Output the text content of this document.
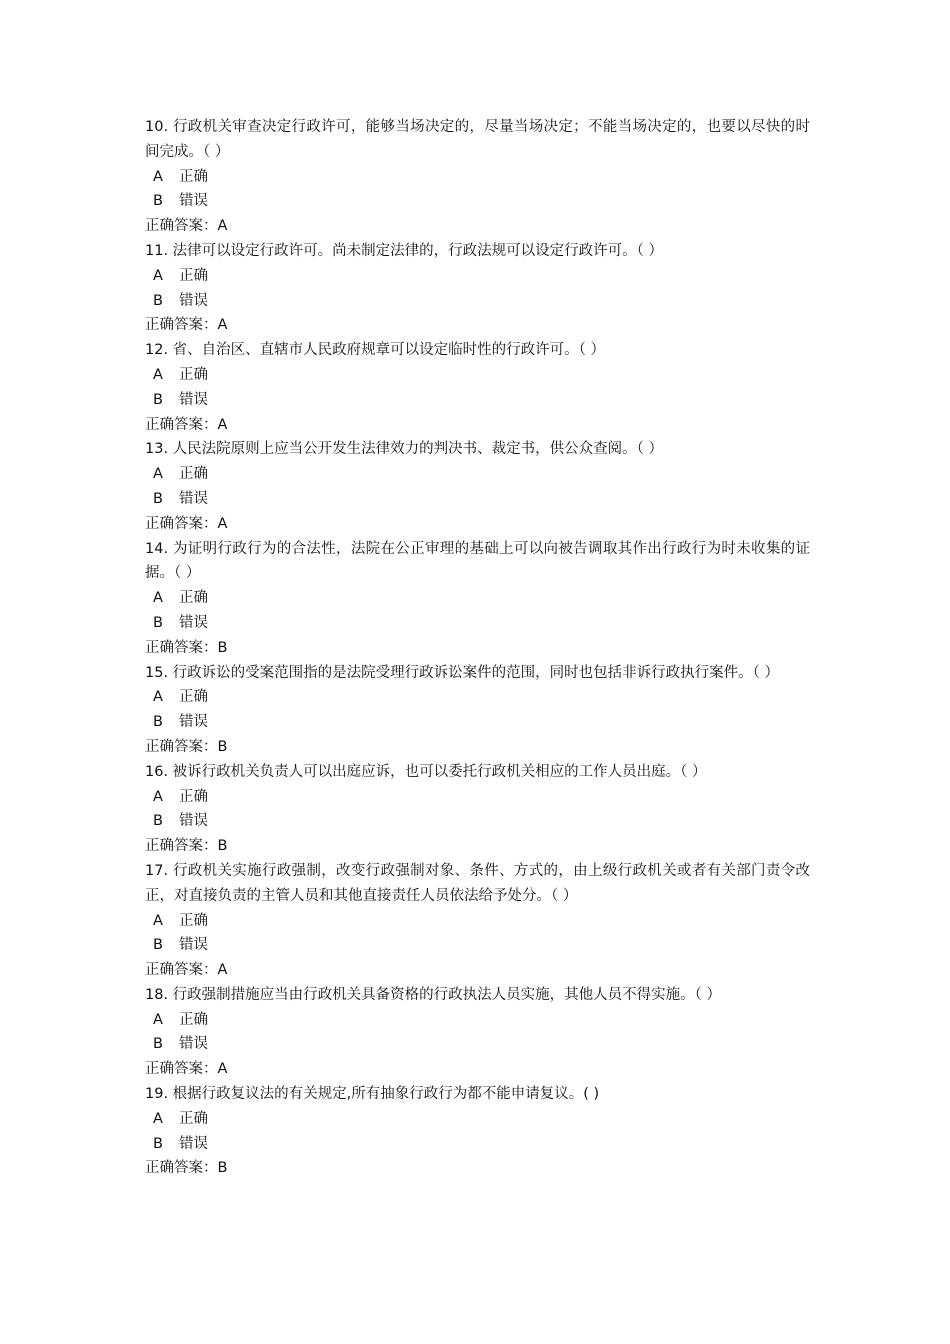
10. 行政机关审查决定行政许可，能够当场决定的，尽量当场决定；不能当场决定的，也要以尽快的时间完成。（ ）

A 正确
B 错误
正确答案：A

11. 法律可以设定行政许可。尚未制定法律的，行政法规可以设定行政许可。（ ）

A 正确
B 错误
正确答案：A

12. 省、自治区、直辖市人民政府规章可以设定临时性的行政许可。（ ）

A 正确
B 错误
正确答案：A

13. 人民法院原则上应当公开发生法律效力的判决书、裁定书，供公众查阅。（ ）

A 正确
B 错误
正确答案：A

14. 为证明行政行为的合法性，法院在公正审理的基础上可以向被告调取其作出行政行为时未收集的证据。（ ）

A 正确
B 错误
正确答案：B

15. 行政诉讼的受案范围指的是法院受理行政诉讼案件的范围，同时也包括非诉行政执行案件。（ ）

A 正确
B 错误
正确答案：B

16. 被诉行政机关负责人可以出庭应诉，也可以委托行政机关相应的工作人员出庭。（ ）

A 正确
B 错误
正确答案：B

17. 行政机关实施行政强制，改变行政强制对象、条件、方式的，由上级行政机关或者有关部门责令改正，对直接负责的主管人员和其他直接责任人员依法给予处分。（ ）

A 正确
B 错误
正确答案：A

18. 行政强制措施应当由行政机关具备资格的行政执法人员实施，其他人员不得实施。（ ）

A 正确
B 错误
正确答案：A

19. 根据行政复议法的有关规定,所有抽象行政行为都不能申请复议。( )

A 正确
B 错误
正确答案：B
